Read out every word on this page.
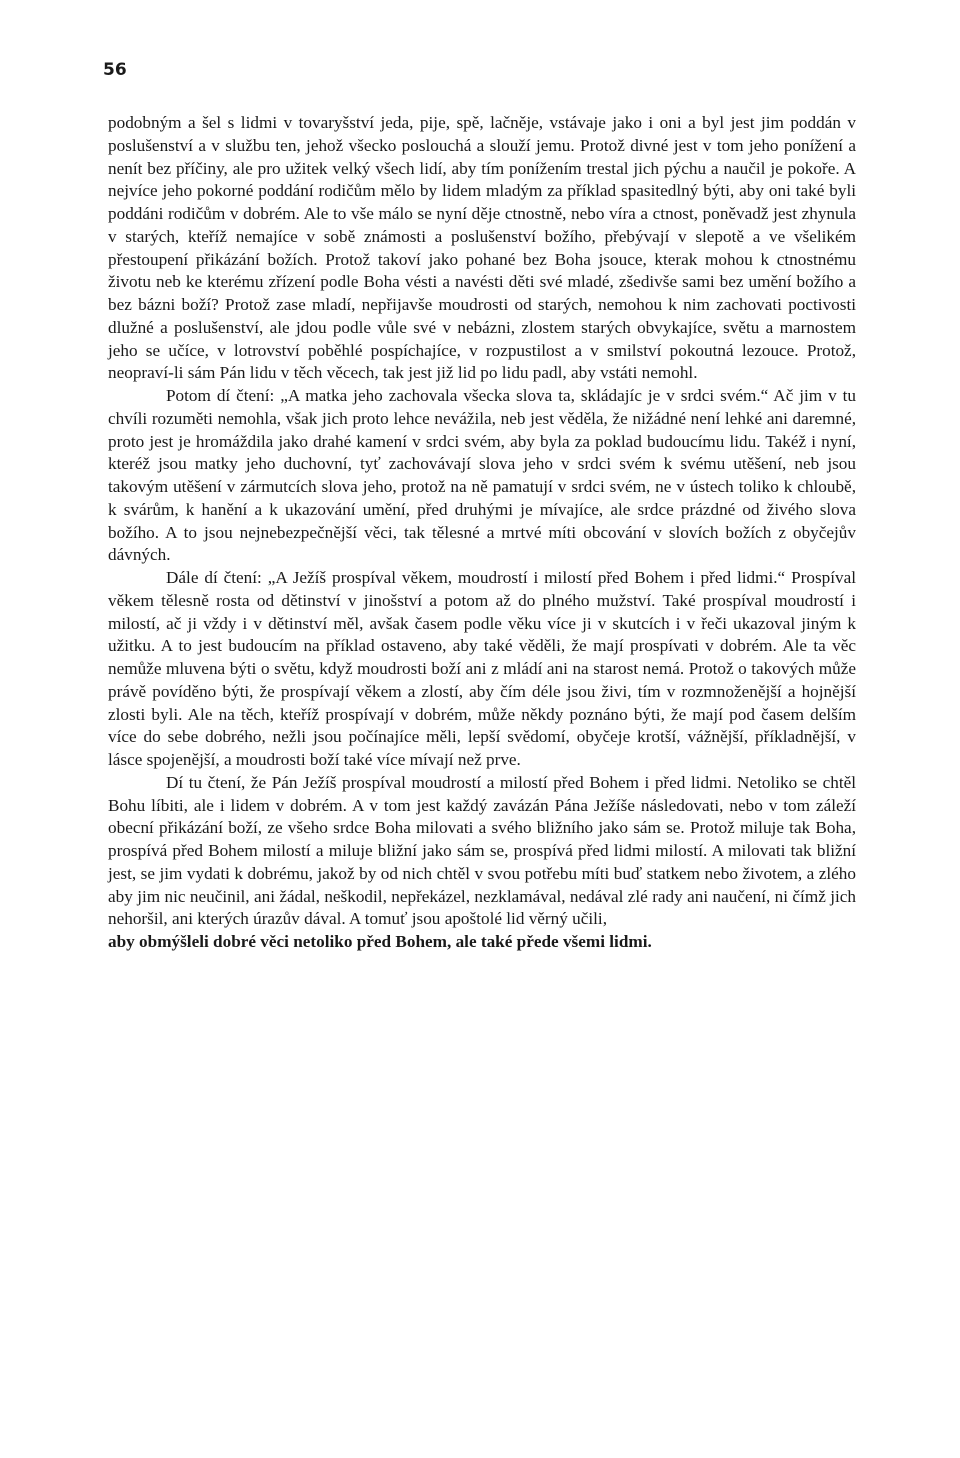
56

podobným a šel s lidmi v tovaryšství jeda, pije, spě, lačněje, vstávaje jako i oni a byl jest jim poddán v poslušenství a v službu ten, jehož všecko poslouchá a slouží jemu. Protož divné jest v tom jeho ponížení a nenít bez příčiny, ale pro užitek velký všech lidí, aby tím ponížením trestal jich pýchu a naučil je pokoře. A nejvíce jeho pokorné poddání rodičům mělo by lidem mladým za příklad spasitedlný býti, aby oni také byli poddáni rodičům v dobrém. Ale to vše málo se nyní děje ctnostně, nebo víra a ctnost, poněvadž jest zhynula v starých, kteříž nemajíce v sobě známosti a poslušenství božího, přebývají v slepotě a ve všelikém přestoupení přikázání božích. Protož takoví jako pohané bez Boha jsouce, kterak mohou k ctnostnému životu neb ke kterému zřízení podle Boha vésti a navésti děti své mladé, zšedivše sami bez umění božího a bez bázni boží? Protož zase mladí, nepřijavše moudrosti od starých, nemohou k nim zachovati poctivosti dlužné a poslušenství, ale jdou podle vůle své v nebázni, zlostem starých obvykajíce, světu a marnostem jeho se učíce, v lotrovství poběhlé pospíchajíce, v rozpustilost a v smilství pokoutná lezouce. Protož, neopraví-li sám Pán lidu v těch věcech, tak jest již lid po lidu padl, aby vstáti nemohl.

Potom dí čtení: „A matka jeho zachovala všecka slova ta, skládajíc je v srdci svém.“ Ač jim v tu chvíli rozuměti nemohla, však jich proto lehce nevážila, neb jest věděla, že nižádné není lehké ani daremné, proto jest je hromáždila jako drahé kamení v srdci svém, aby byla za poklad budoucímu lidu. Takéž i nyní, kteréž jsou matky jeho duchovní, tyť zachovávají slova jeho v srdci svém k svému utěšení, neb jsou takovým utěšení v zármutcích slova jeho, protož na ně pamatují v srdci svém, ne v ústech toliko k chloubě, k svárům, k hanění a k ukazování umění, před druhými je mívajíce, ale srdce prázdné od živého slova božího. A to jsou nejnebezpečnější věci, tak tělesné a mrtvé míti obcování v slovích božích z obyčejův dávných.

Dále dí čtení: „A Ježíš prospíval věkem, moudrostí i milostí před Bohem i před lidmi.“ Prospíval věkem tělesně rosta od dětinství v jinošství a potom až do plného mužství. Také prospíval moudrostí i milostí, ač ji vždy i v dětinství měl, avšak časem podle věku více ji v skutcích i v řeči ukazoval jiným k užitku. A to jest budoucím na příklad ostaveno, aby také věděli, že mají prospívati v dobrém. Ale ta věc nemůže mluvena býti o světu, když moudrosti boží ani z mládí ani na starost nemá. Protož o takových může právě povíděno býti, že prospívají věkem a zlostí, aby čím déle jsou živi, tím v rozmnoženější a hojnější zlosti byli. Ale na těch, kteříž prospívají v dobrém, může někdy poznáno býti, že mají pod časem delším více do sebe dobrého, nežli jsou počínajíce měli, lepší svědomí, obyčeje krotší, vážnější, příkladnější, v lásce spojenější, a moudrosti boží také více mívají než prve.

Dí tu čtení, že Pán Ježíš prospíval moudrostí a milostí před Bohem i před lidmi. Netoliko se chtěl Bohu líbiti, ale i lidem v dobrém. A v tom jest každý zavázán Pána Ježíše následovati, nebo v tom záleží obecní přikázání boží, ze všeho srdce Boha milovati a svého bližního jako sám se. Protož miluje tak Boha, prospívá před Bohem milostí a miluje bližní jako sám se, prospívá před lidmi milostí. A milovati tak bližní jest, se jim vydati k dobrému, jakož by od nich chtěl v svou potřebu míti buď statkem nebo životem, a zlého aby jim nic neučinil, ani žádal, neškodil, nepřekázel, nezklamával, nedával zlé rady ani naučení, ni čímž jich nehoršil, ani kterých úrazův dával. A tomuť jsou apoštolé lid věrný učili,

aby obmýšleli dobré věci netoliko před Bohem, ale také přede všemi lidmi.
